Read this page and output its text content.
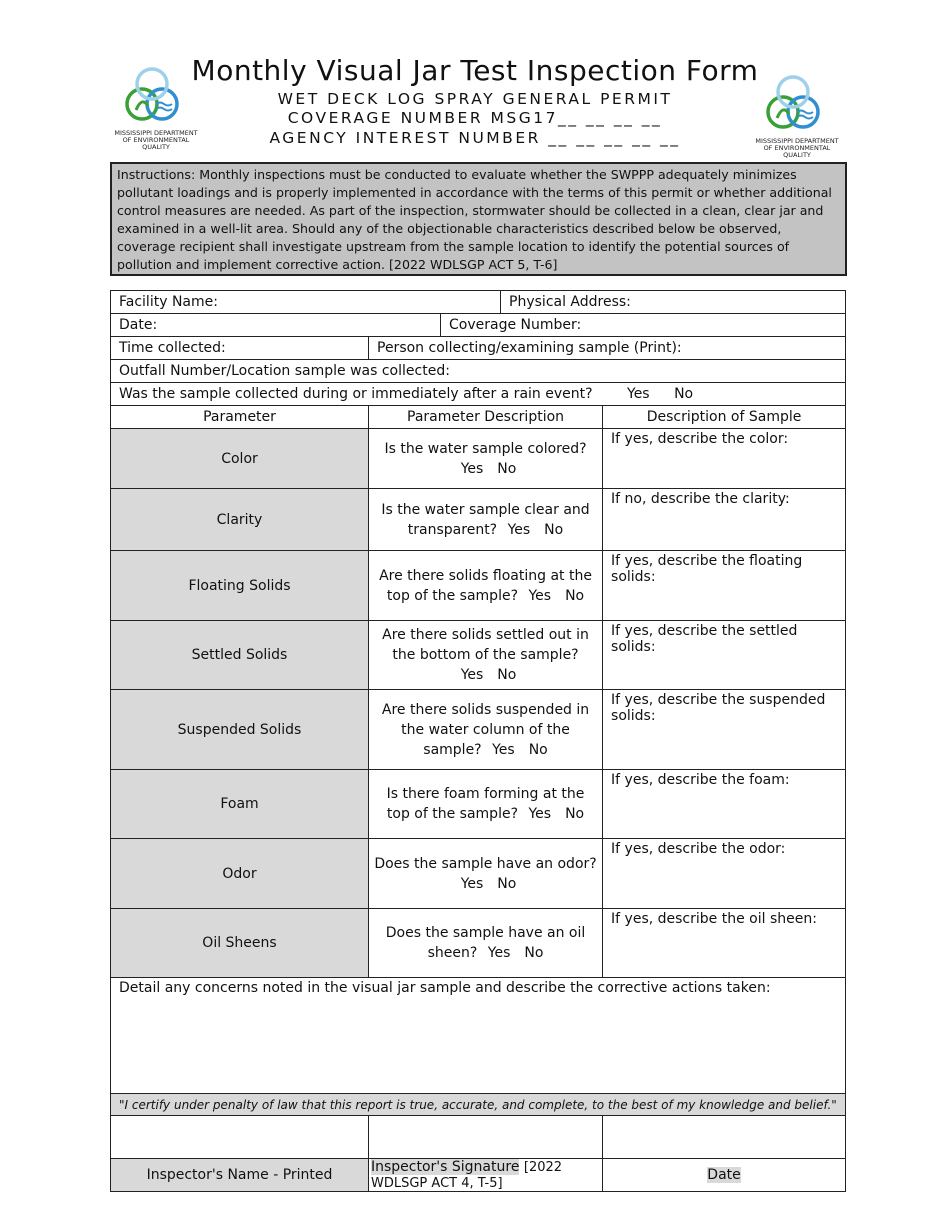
MISSISSIPPI DEPARTMENT OF ENVIRONMENTAL QUALITY
MISSISSIPPI DEPARTMENT OF ENVIRONMENTAL QUALITY
Monthly Visual Jar Test Inspection Form
WET DECK LOG SPRAY GENERAL PERMIT
COVERAGE NUMBER MSG17__ __ __ __
AGENCY INTEREST NUMBER __ __ __ __ __
Instructions: Monthly inspections must be conducted to evaluate whether the SWPPP adequately minimizes pollutant loadings and is properly implemented in accordance with the terms of this permit or whether additional control measures are needed. As part of the inspection, stormwater should be collected in a clean, clear jar and examined in a well-lit area. Should any of the objectionable characteristics described below be observed, coverage recipient shall investigate upstream from the sample location to identify the potential sources of pollution and implement corrective action. [2022 WDLSGP ACT 5, T-6]
Facility Name:			Physical Address:	
Date:		Coverage Number:		
Time collected:	Person collecting/examining sample (Print):			
Outfall Number/Location sample was collected:				
Was the sample collected during or immediately after a rain event? Yes No				
Parameter	Parameter Description			Description of Sample
Color	Is the water sample colored? Yes No			If yes, describe the color:
Clarity	Is the water sample clear and transparent? Yes No			If no, describe the clarity:
Floating Solids	Are there solids floating at the top of the sample? Yes No			If yes, describe the floating solids:
Settled Solids	Are there solids settled out in the bottom of the sample? Yes No			If yes, describe the settled solids:
Suspended Solids	Are there solids suspended in the water column of the sample? Yes No			If yes, describe the suspended solids:
Foam	Is there foam forming at the top of the sample? Yes No			If yes, describe the foam:
Odor	Does the sample have an odor? Yes No			If yes, describe the odor:
Oil Sheens	Does the sample have an oil sheen? Yes No			If yes, describe the oil sheen:
Detail any concerns noted in the visual jar sample and describe the corrective actions taken:				
"I certify under penalty of law that this report is true, accurate, and complete, to the best of my knowledge and belief."				

Inspector's Name - Printed	Inspector's Signature [2022 WDLSGP ACT 4, T-5]			Date
